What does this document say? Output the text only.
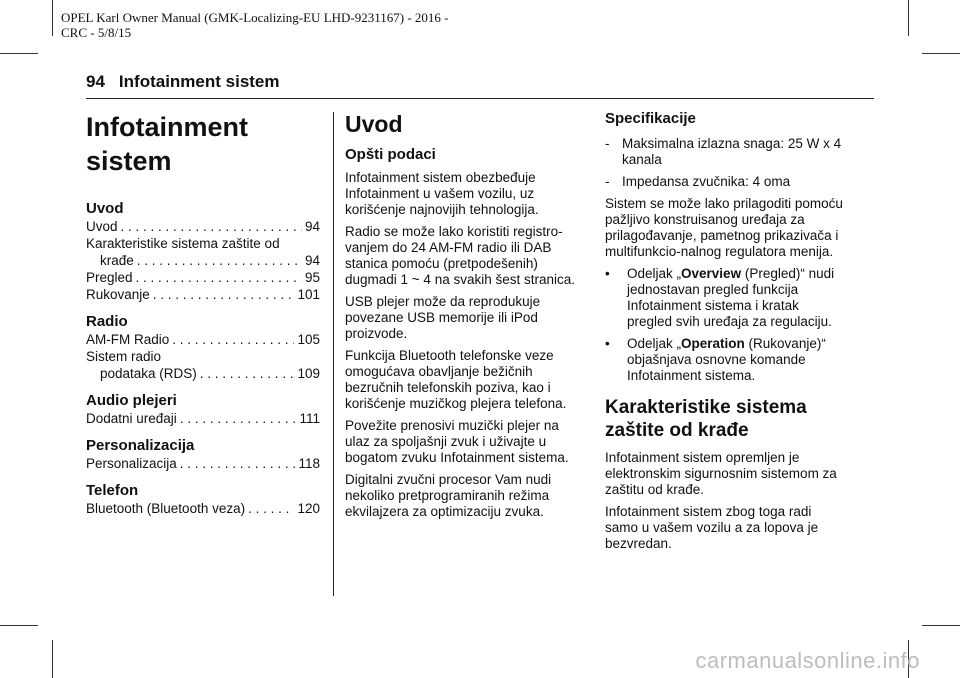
OPEL Karl Owner Manual (GMK-Localizing-EU LHD-9231167) - 2016 -
CRC - 5/8/15
94 Infotainment sistem
Infotainment
sistem
Uvod
Uvod . . .	94
Karakteristike sistema zaštite od
krađe . . .	94
Pregled . . .	95
Rukovanje . . .	101
Radio
AM-FM Radio . . .	105
Sistem radio
podataka (RDS) . . .	109
Audio plejeri
Dodatni uređaji . . .	111
Personalizacija
Personalizacija . . .	118
Telefon
Bluetooth (Bluetooth veza) . . .	120
Uvod
Opšti podaci

Infotainment sistem obezbeđuje Infotainment u vašem vozilu, uz korišćenje najnovijih tehnologija.

Radio se može lako koristiti registro-vanjem do 24 AM-FM radio ili DAB stanica pomoću (pretpodešenih) dugmadi 1 ~ 4 na svakih šest stranica.

USB plejer može da reprodukuje povezane USB memorije ili iPod proizvode.

Funkcija Bluetooth telefonske veze omogućava obavljanje bežičnih bezručnih telefonskih poziva, kao i korišćenje muzičkog plejera telefona.

Povežite prenosivi muzički plejer na ulaz za spoljašnji zvuk i uživajte u bogatom zvuku Infotainment sistema.

Digitalni zvučni procesor Vam nudi nekoliko pretprogramiranih režima ekvilajzera za optimizaciju zvuka.

Specifikacije
- Maksimalna izlazna snaga: 25 W x 4 kanala
- Impedansa zvučnika: 4 oma

Sistem se može lako prilagoditi pomoću pažljivo konstruisanog uređaja za prilagođavanje, pametnog prikazivača i multifunkcio-nalnog regulatora menija.

•	Odeljak „Overview (Pregled)“ nudi jednostavan pregled funkcija Infotainment sistema i kratak pregled svih uređaja za regulaciju.
•	Odeljak „Operation (Rukovanje)“ objašnjava osnovne komande Infotainment sistema.
Karakteristike sistema
zaštite od krađe

Infotainment sistem opremljen je elektronskim sigurnosnim sistemom za zaštitu od krađe.

Infotainment sistem zbog toga radi samo u vašem vozilu a za lopova je bezvredan.

carmanualsonline.info
